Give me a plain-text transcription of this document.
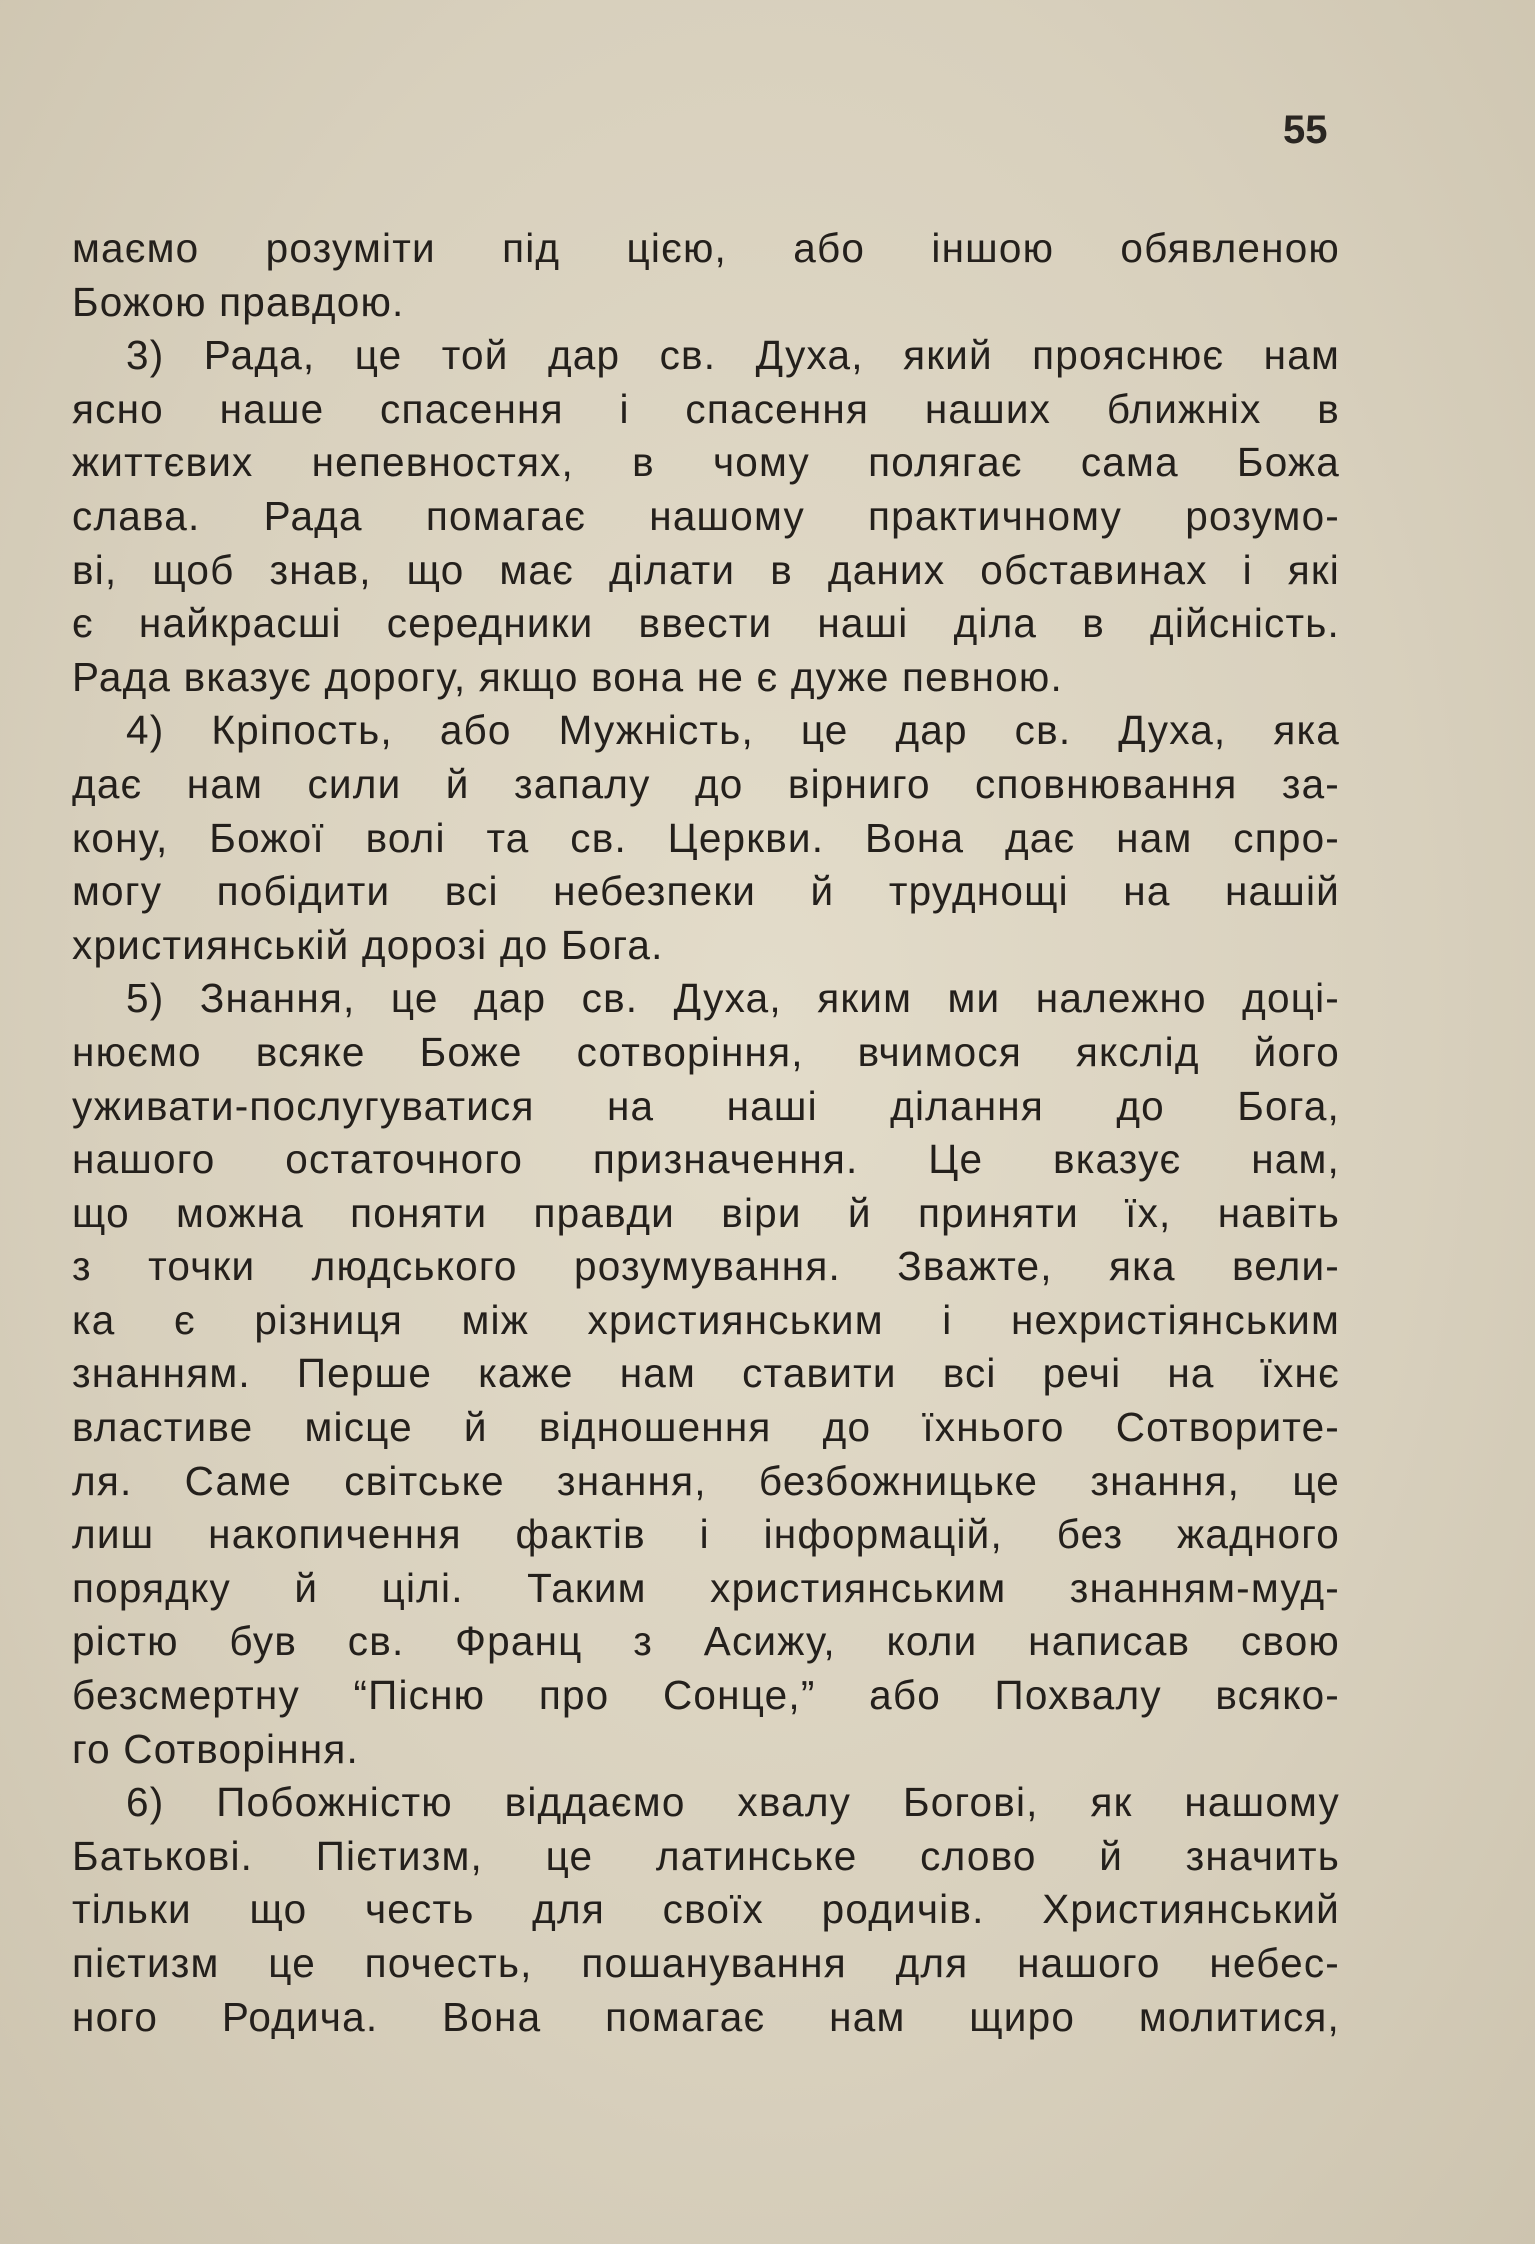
55
маємо розуміти під цією, або іншою обявленою
Божою правдою.
3) Рада, це той дар св. Духа, який прояснює нам
ясно наше спасення і спасення наших ближніх в
життєвих непевностях, в чому полягає сама Божа
слава. Рада помагає нашому практичному розумо-
ві, щоб знав, що має ділати в даних обставинах і які
є найкрасші середники ввести наші діла в дійсність.
Рада вказує дорогу, якщо вона не є дуже певною.
4) Кріпость, або Мужність, це дар св. Духа, яка
дає нам сили й запалу до вірниго сповнювання за-
кону, Божої волі та св. Церкви. Вона дає нам спро-
могу побідити всі небезпеки й труднощі на нашій
християнській дорозі до Бога.
5) Знання, це дар св. Духа, яким ми належно доці-
нюємо всяке Боже сотворіння, вчимося якслід його
уживати-послугуватися на наші ділання до Бога,
нашого остаточного призначення. Це вказує нам,
що можна поняти правди віри й приняти їх, навіть
з точки людського розумування. Зважте, яка вели-
ка є різниця між християнським і нехристіянським
знанням. Перше каже нам ставити всі речі на їхнє
властиве місце й відношення до їхнього Сотворите-
ля. Саме світське знання, безбожницьке знання, це
лиш накопичення фактів і інформацій, без жадного
порядку й цілі. Таким християнським знанням-муд-
рістю був св. Франц з Асижу, коли написав свою
безсмертну “Пісню про Сонце,” або Похвалу всяко-
го Сотворіння.
6) Побожністю віддаємо хвалу Богові, як нашому
Батькові. Пієтизм, це латинське слово й значить
тільки що честь для своїх родичів. Християнський
пієтизм це почесть, пошанування для нашого небес-
ного Родича. Вона помагає нам щиро молитися,
